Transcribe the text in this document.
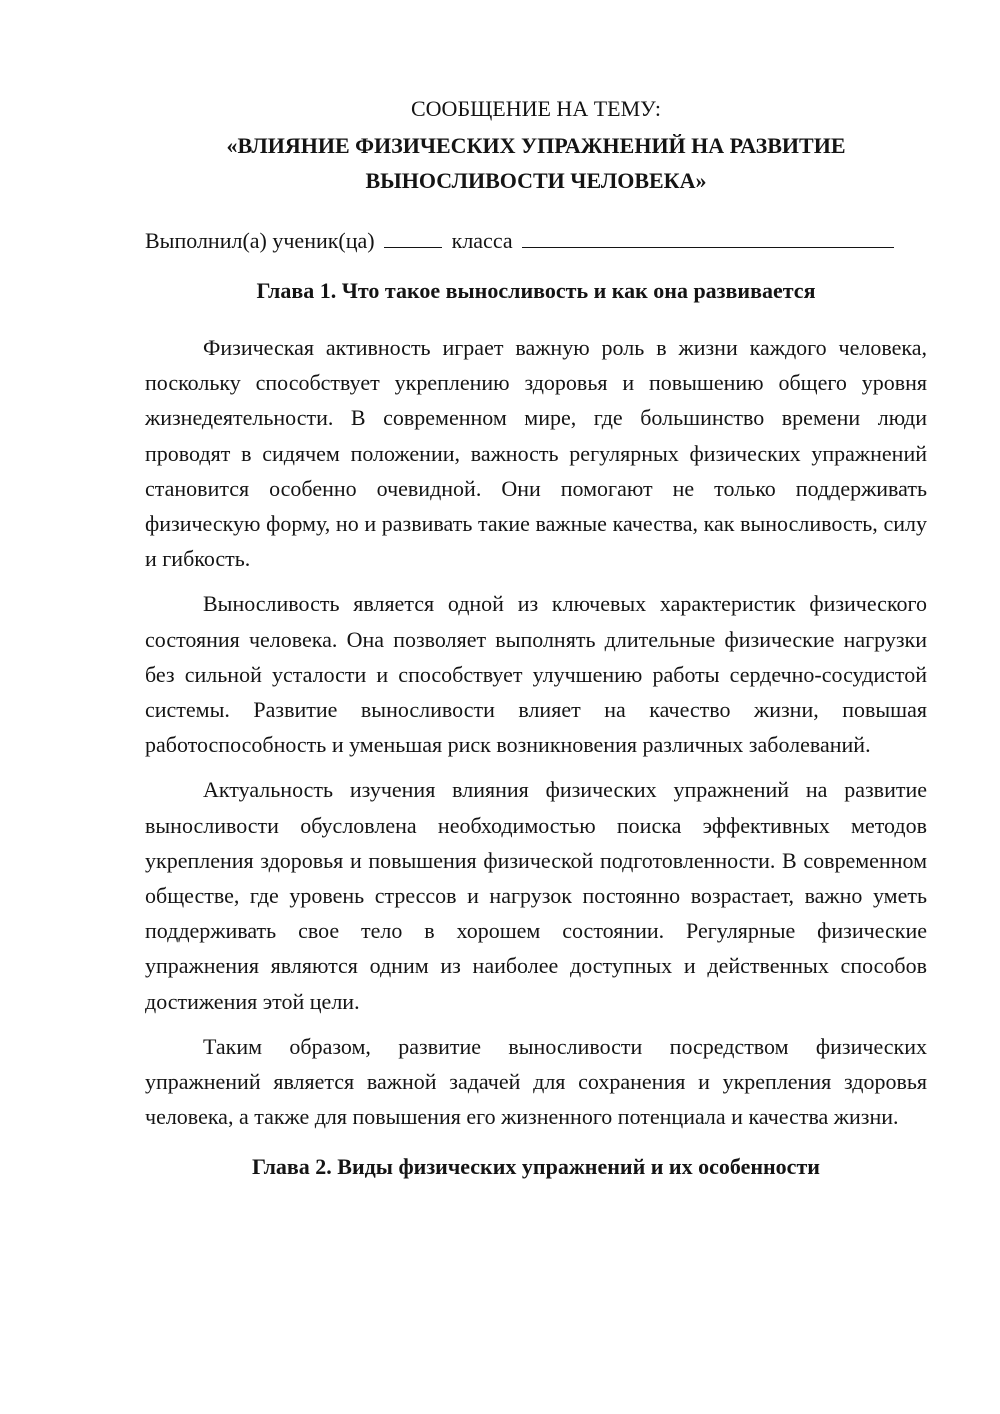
СООБЩЕНИЕ НА ТЕМУ:

«ВЛИЯНИЕ ФИЗИЧЕСКИХ УПРАЖНЕНИЙ НА РАЗВИТИЕ
ВЫНОСЛИВОСТИ ЧЕЛОВЕКА»
Выполнил(а) ученик(ца)	класса
Глава 1. Что такое выносливость и как она развивается

Физическая активность играет важную роль в жизни каждого человека, поскольку способствует укреплению здоровья и повышению общего уровня жизнедеятельности. В современном мире, где большинство времени люди проводят в сидячем положении, важность регулярных физических упражнений становится особенно очевидной. Они помогают не только поддерживать физическую форму, но и развивать такие важные качества, как выносливость, силу и гибкость.

Выносливость является одной из ключевых характеристик физического состояния человека. Она позволяет выполнять длительные физические нагрузки без сильной усталости и способствует улучшению работы сердечно-сосудистой системы. Развитие выносливости влияет на качество жизни, повышая работоспособность и уменьшая риск возникновения различных заболеваний.

Актуальность изучения влияния физических упражнений на развитие выносливости обусловлена необходимостью поиска эффективных методов укрепления здоровья и повышения физической подготовленности. В современном обществе, где уровень стрессов и нагрузок постоянно возрастает, важно уметь поддерживать свое тело в хорошем состоянии. Регулярные физические упражнения являются одним из наиболее доступных и действенных способов достижения этой цели.

Таким образом, развитие выносливости посредством физических упражнений является важной задачей для сохранения и укрепления здоровья человека, а также для повышения его жизненного потенциала и качества жизни.

Глава 2. Виды физических упражнений и их особенности
